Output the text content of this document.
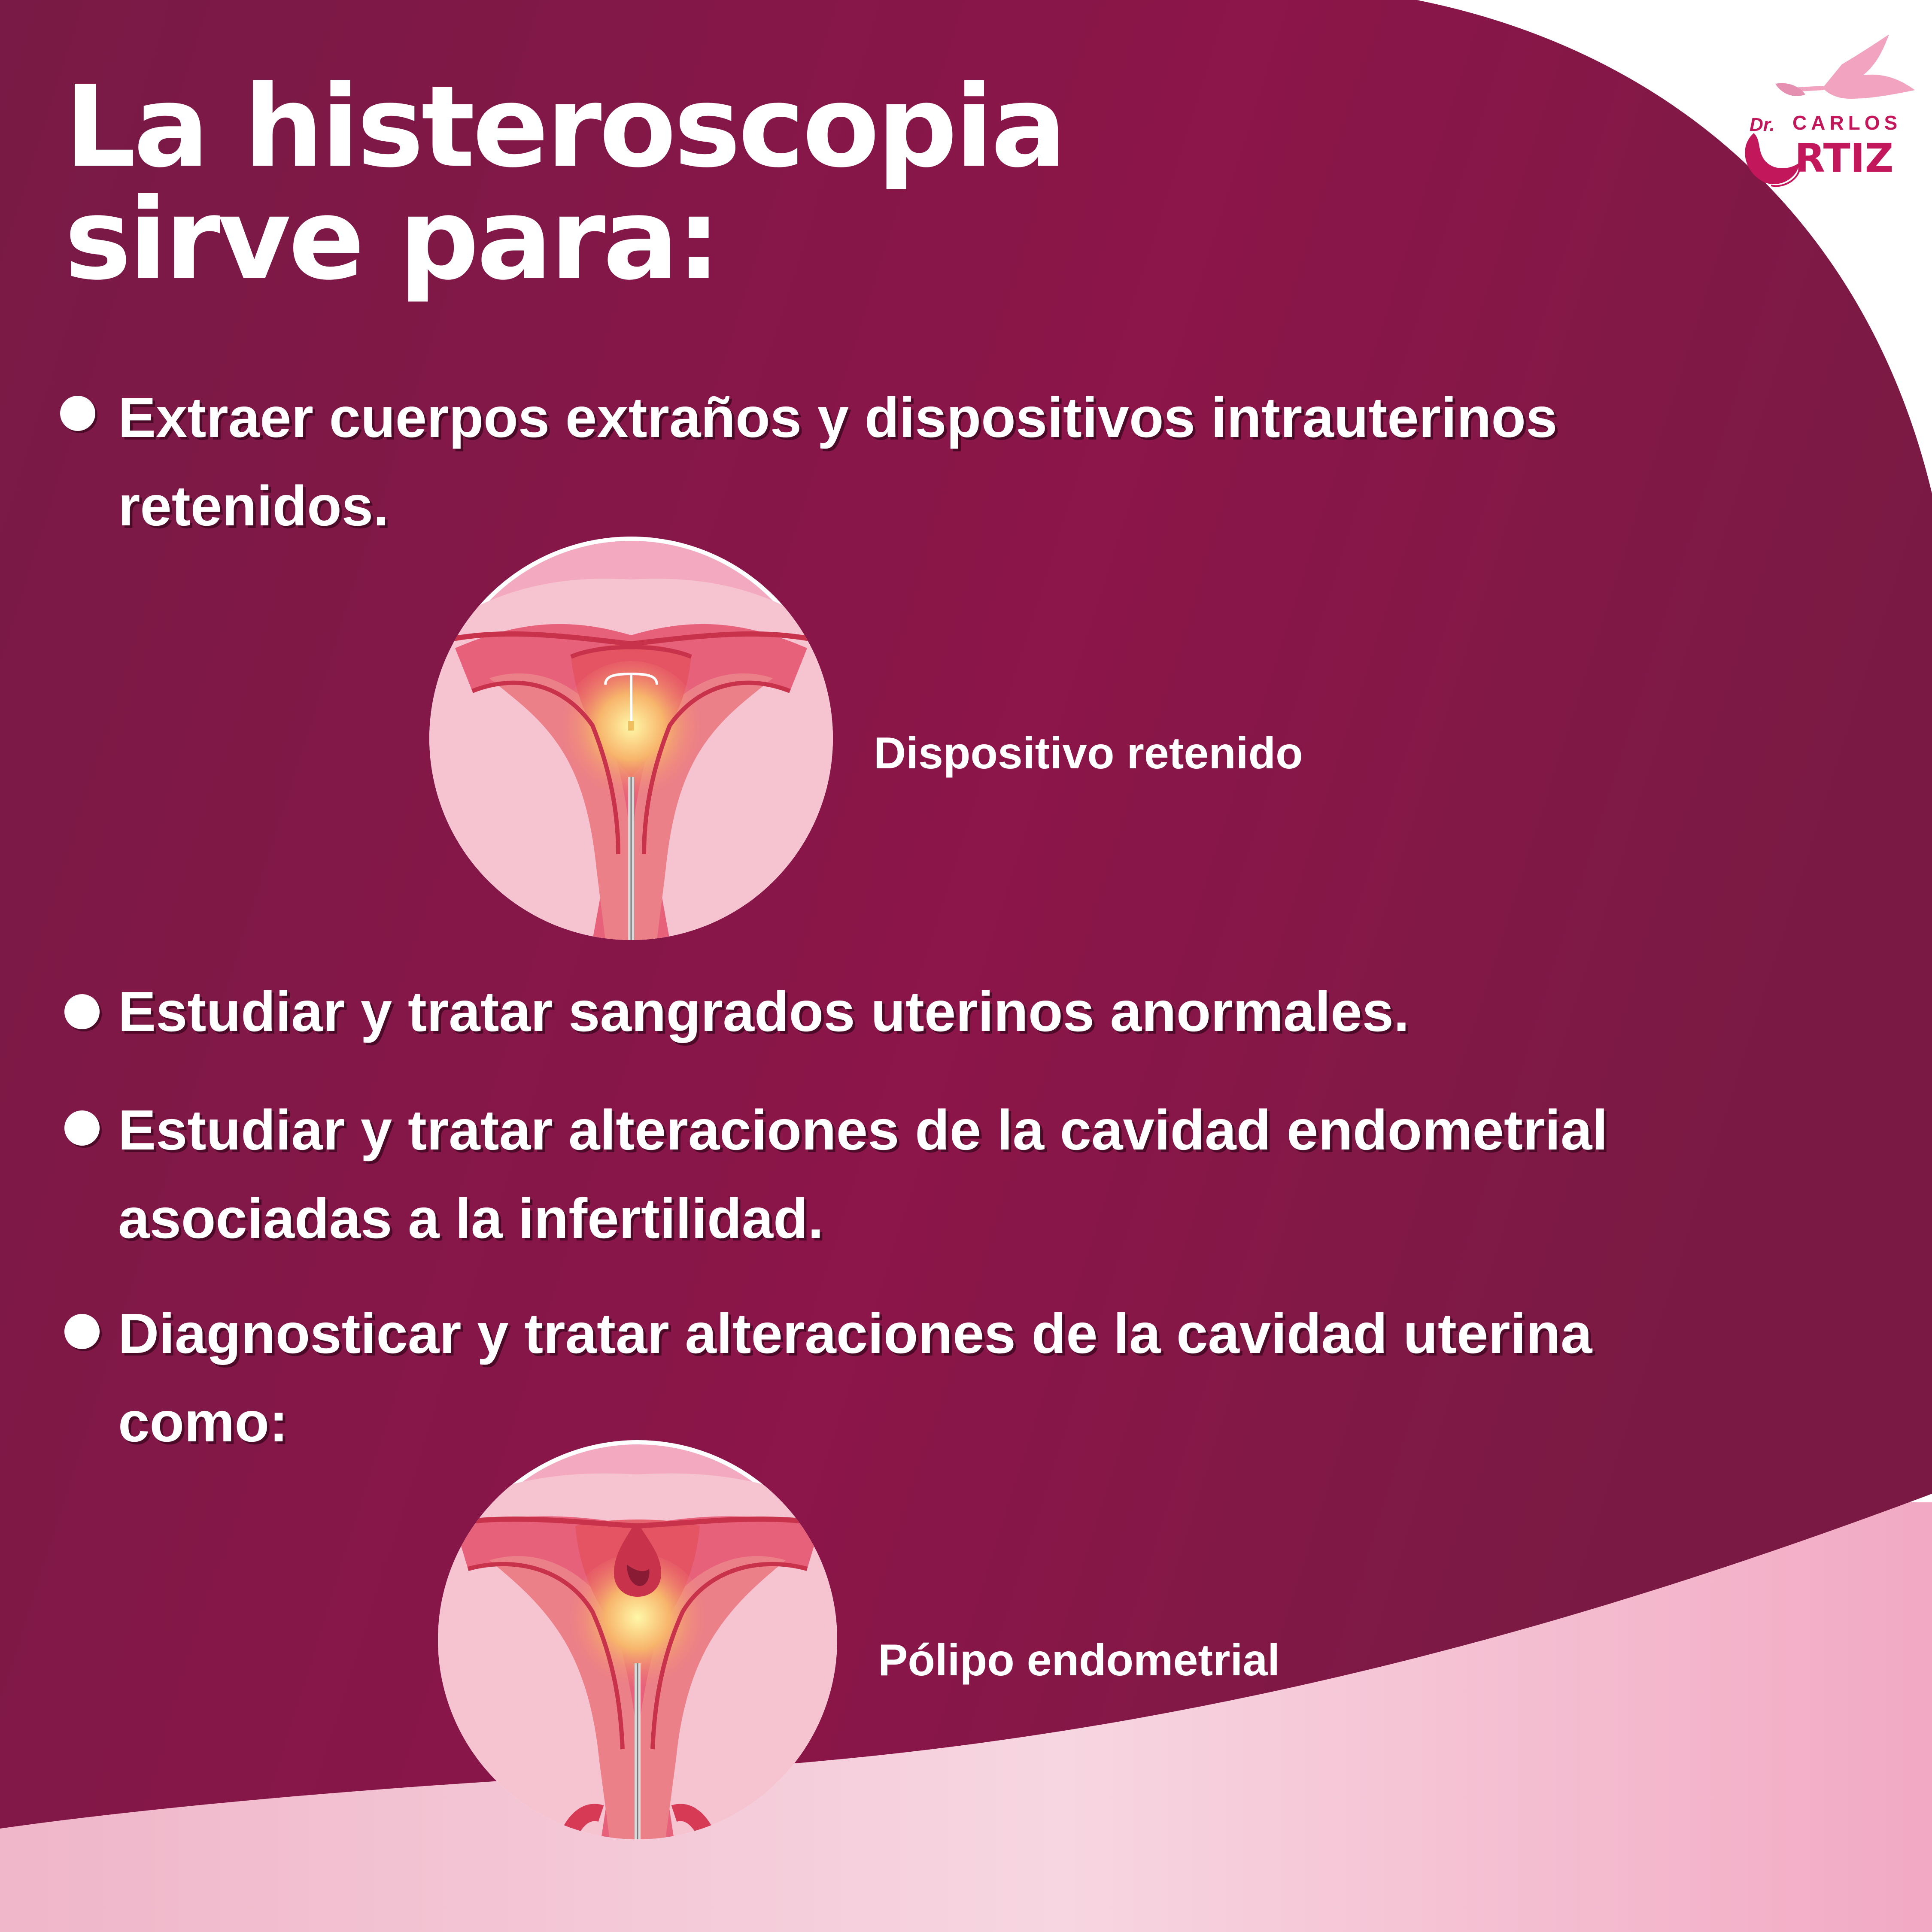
Dr. CARLOS
RTIZ
La histeroscopia
sirve para:

Extraer cuerpos extraños y dispositivos intrauterinos
retenidos.

Dispositivo retenido

Estudiar y tratar sangrados uterinos anormales.

Estudiar y tratar alteraciones de la cavidad endometrial
asociadas a la infertilidad.

Diagnosticar y tratar alteraciones de la cavidad uterina
como:

Pólipo endometrial
